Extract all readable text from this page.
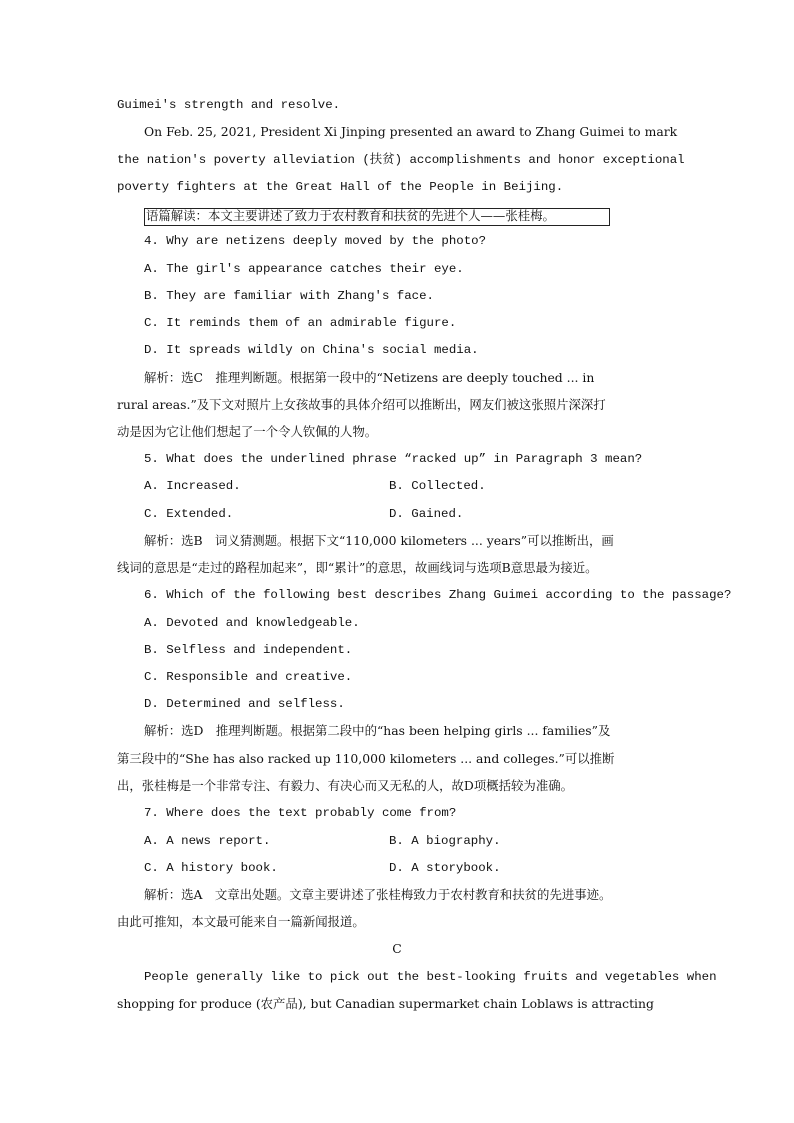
Guimei's strength and resolve.
On Feb. 25, 2021, President Xi Jinping presented an award to Zhang Guimei to mark
the nation's poverty alleviation (扶贫) accomplishments and honor exceptional
poverty fighters at the Great Hall of the People in Beijing.
语篇解读：本文主要讲述了致力于农村教育和扶贫的先进个人——张桂梅。
4. Why are netizens deeply moved by the photo?
A. The girl's appearance catches their eye.
B. They are familiar with Zhang's face.
C. It reminds them of an admirable figure.
D. It spreads wildly on China's social media.
解析：选C　推理判断题。根据第一段中的“Netizens are deeply touched ... in
rural areas.”及下文对照片上女孩故事的具体介绍可以推断出，网友们被这张照片深深打
动是因为它让他们想起了一个令人钦佩的人物。
5. What does the underlined phrase “racked up” in Paragraph 3 mean?
A. Increased.	B. Collected.
C. Extended.	D. Gained.
解析：选B　词义猜测题。根据下文“110,000 kilometers ... years”可以推断出，画
线词的意思是“走过的路程加起来”，即“累计”的意思，故画线词与选项B意思最为接近。
6. Which of the following best describes Zhang Guimei according to the passage?
A. Devoted and knowledgeable.
B. Selfless and independent.
C. Responsible and creative.
D. Determined and selfless.
解析：选D　推理判断题。根据第二段中的“has been helping girls ... families”及
第三段中的“She has also racked up 110,000 kilometers ... and colleges.”可以推断
出，张桂梅是一个非常专注、有毅力、有决心而又无私的人，故D项概括较为准确。
7. Where does the text probably come from?
A. A news report.	B. A biography.
C. A history book.	D. A storybook.
解析：选A　文章出处题。文章主要讲述了张桂梅致力于农村教育和扶贫的先进事迹。
由此可推知，本文最可能来自一篇新闻报道。
C
People generally like to pick out the best-looking fruits and vegetables when
shopping for produce (农产品), but Canadian supermarket chain Loblaws is attracting
